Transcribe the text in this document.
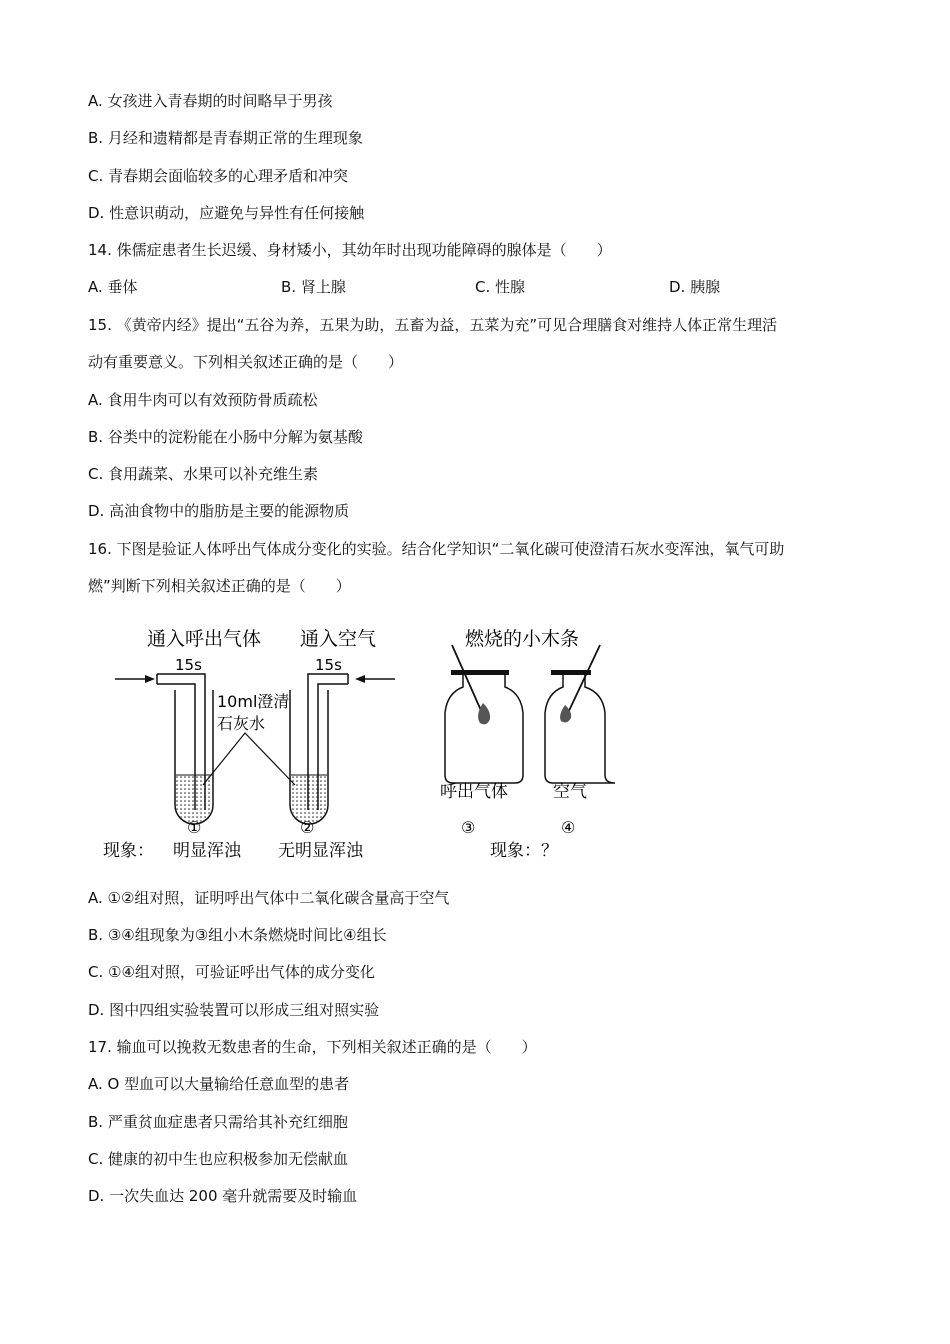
A. 女孩进入青春期的时间略早于男孩
B. 月经和遗精都是青春期正常的生理现象
C. 青春期会面临较多的心理矛盾和冲突
D. 性意识萌动，应避免与异性有任何接触
14. 侏儒症患者生长迟缓、身材矮小，其幼年时出现功能障碍的腺体是（　　）
A. 垂体	B. 肾上腺	C. 性腺	D. 胰腺
15. 《黄帝内经》提出“五谷为养，五果为助，五畜为益，五菜为充”可见合理膳食对维持人体正常生理活
动有重要意义。下列相关叙述正确的是（　　）
A. 食用牛肉可以有效预防骨质疏松
B. 谷类中的淀粉能在小肠中分解为氨基酸
C. 食用蔬菜、水果可以补充维生素
D. 高油食物中的脂肪是主要的能源物质
16. 下图是验证人体呼出气体成分变化的实验。结合化学知识“二氧化碳可使澄清石灰水变浑浊，氧气可助
燃”判断下列相关叙述正确的是（　　）
通入呼出气体 通入空气
15s	15s
10ml澄清
石灰水
①	②
现象： 明显浑浊 无明显浑浊
燃烧的小木条
呼出气体	空气
③	④
现象：？
A. ①②组对照，证明呼出气体中二氧化碳含量高于空气
B. ③④组现象为③组小木条燃烧时间比④组长
C. ①④组对照，可验证呼出气体的成分变化
D. 图中四组实验装置可以形成三组对照实验
17. 输血可以挽救无数患者的生命，下列相关叙述正确的是（　　）
A. O 型血可以大量输给任意血型的患者
B. 严重贫血症患者只需给其补充红细胞
C. 健康的初中生也应积极参加无偿献血
D. 一次失血达 200 毫升就需要及时输血
